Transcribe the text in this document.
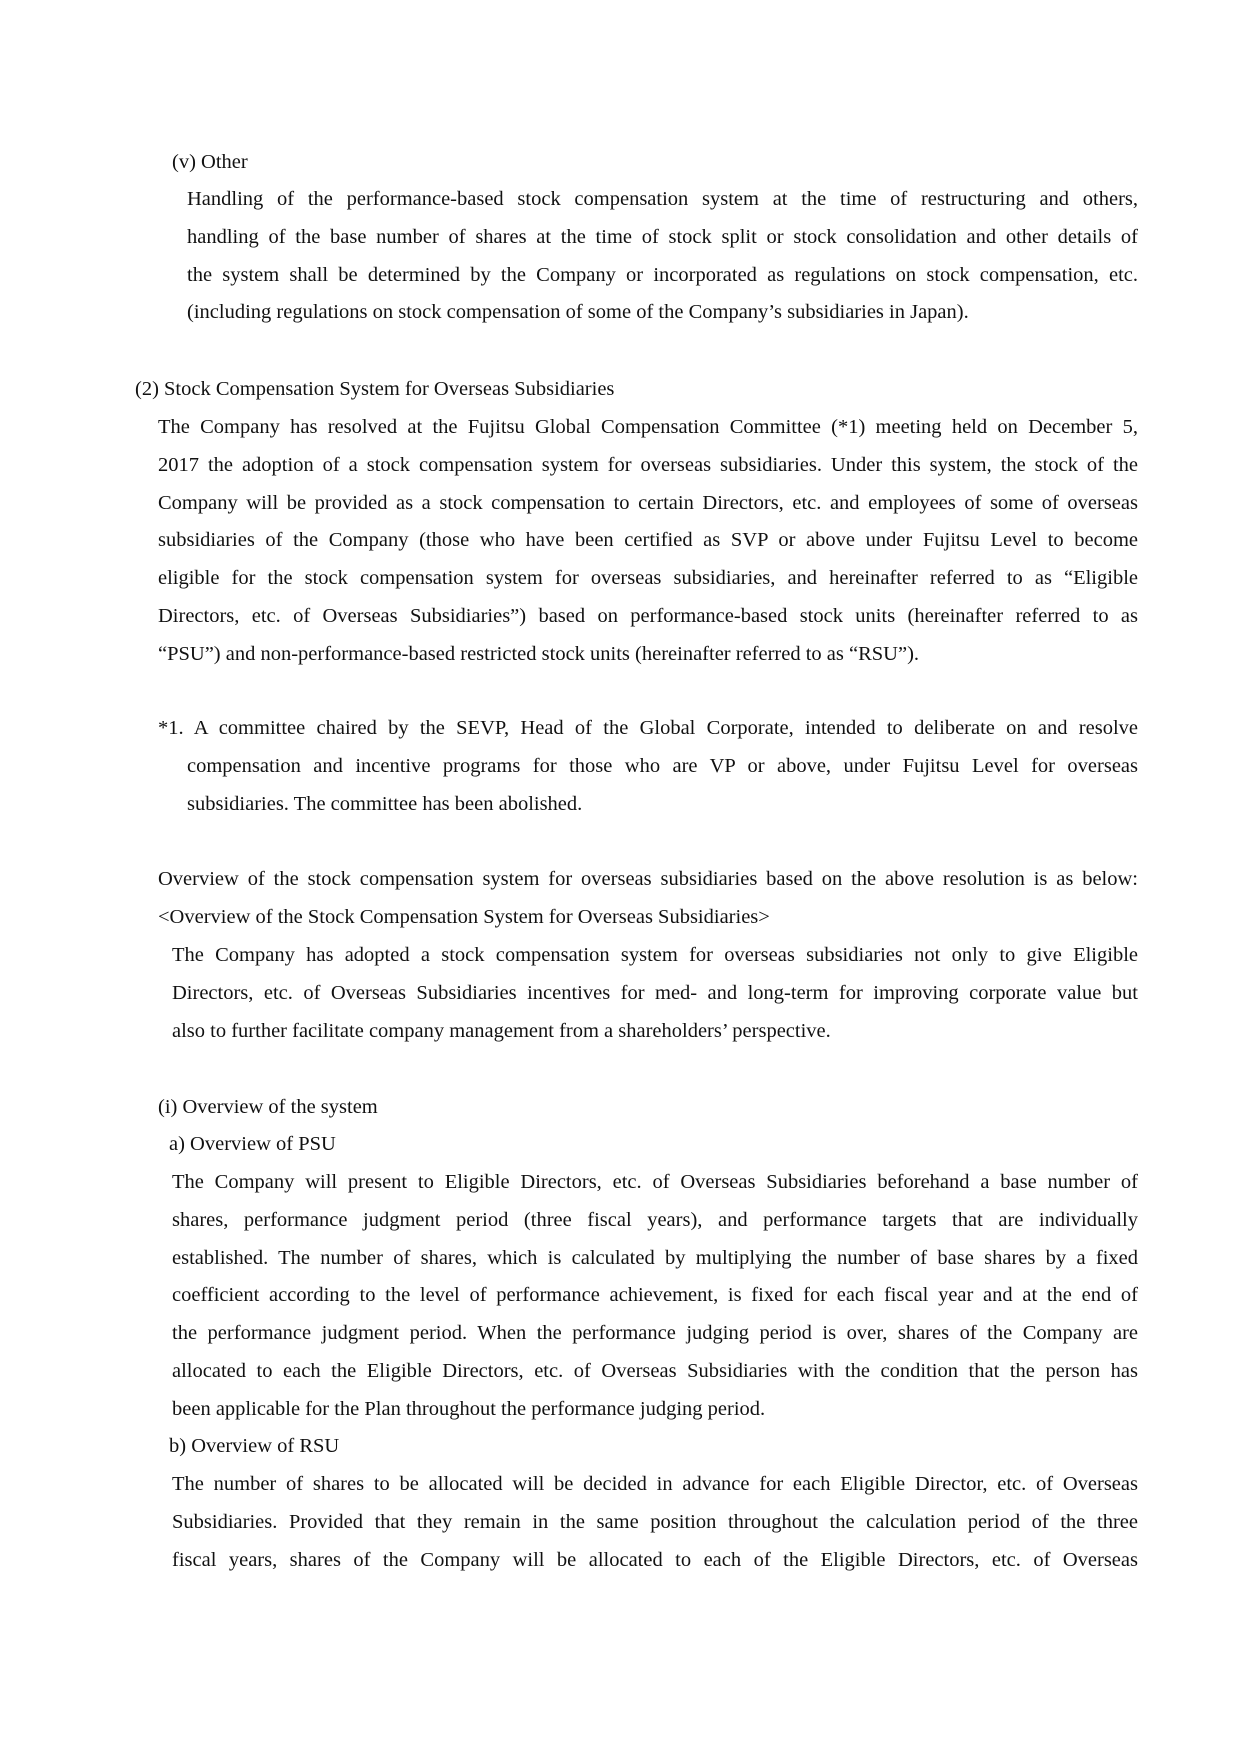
(v) Other
Handling of the performance-based stock compensation system at the time of restructuring and others,
handling of the base number of shares at the time of stock split or stock consolidation and other details of
the system shall be determined by the Company or incorporated as regulations on stock compensation, etc.
(including regulations on stock compensation of some of the Company’s subsidiaries in Japan).
(2) Stock Compensation System for Overseas Subsidiaries
The Company has resolved at the Fujitsu Global Compensation Committee (*1) meeting held on December 5,
2017 the adoption of a stock compensation system for overseas subsidiaries. Under this system, the stock of the
Company will be provided as a stock compensation to certain Directors, etc. and employees of some of overseas
subsidiaries of the Company (those who have been certified as SVP or above under Fujitsu Level to become
eligible for the stock compensation system for overseas subsidiaries, and hereinafter referred to as “Eligible
Directors, etc. of Overseas Subsidiaries”) based on performance-based stock units (hereinafter referred to as
“PSU”) and non-performance-based restricted stock units (hereinafter referred to as “RSU”).
*1. A committee chaired by the SEVP, Head of the Global Corporate, intended to deliberate on and resolve
compensation and incentive programs for those who are VP or above, under Fujitsu Level for overseas
subsidiaries. The committee has been abolished.
Overview of the stock compensation system for overseas subsidiaries based on the above resolution is as below:
<Overview of the Stock Compensation System for Overseas Subsidiaries>
The Company has adopted a stock compensation system for overseas subsidiaries not only to give Eligible
Directors, etc. of Overseas Subsidiaries incentives for med- and long-term for improving corporate value but
also to further facilitate company management from a shareholders’ perspective.
(i) Overview of the system
a) Overview of PSU
The Company will present to Eligible Directors, etc. of Overseas Subsidiaries beforehand a base number of
shares, performance judgment period (three fiscal years), and performance targets that are individually
established. The number of shares, which is calculated by multiplying the number of base shares by a fixed
coefficient according to the level of performance achievement, is fixed for each fiscal year and at the end of
the performance judgment period. When the performance judging period is over, shares of the Company are
allocated to each the Eligible Directors, etc. of Overseas Subsidiaries with the condition that the person has
been applicable for the Plan throughout the performance judging period.
b) Overview of RSU
The number of shares to be allocated will be decided in advance for each Eligible Director, etc. of Overseas
Subsidiaries. Provided that they remain in the same position throughout the calculation period of the three
fiscal years, shares of the Company will be allocated to each of the Eligible Directors, etc. of Overseas
